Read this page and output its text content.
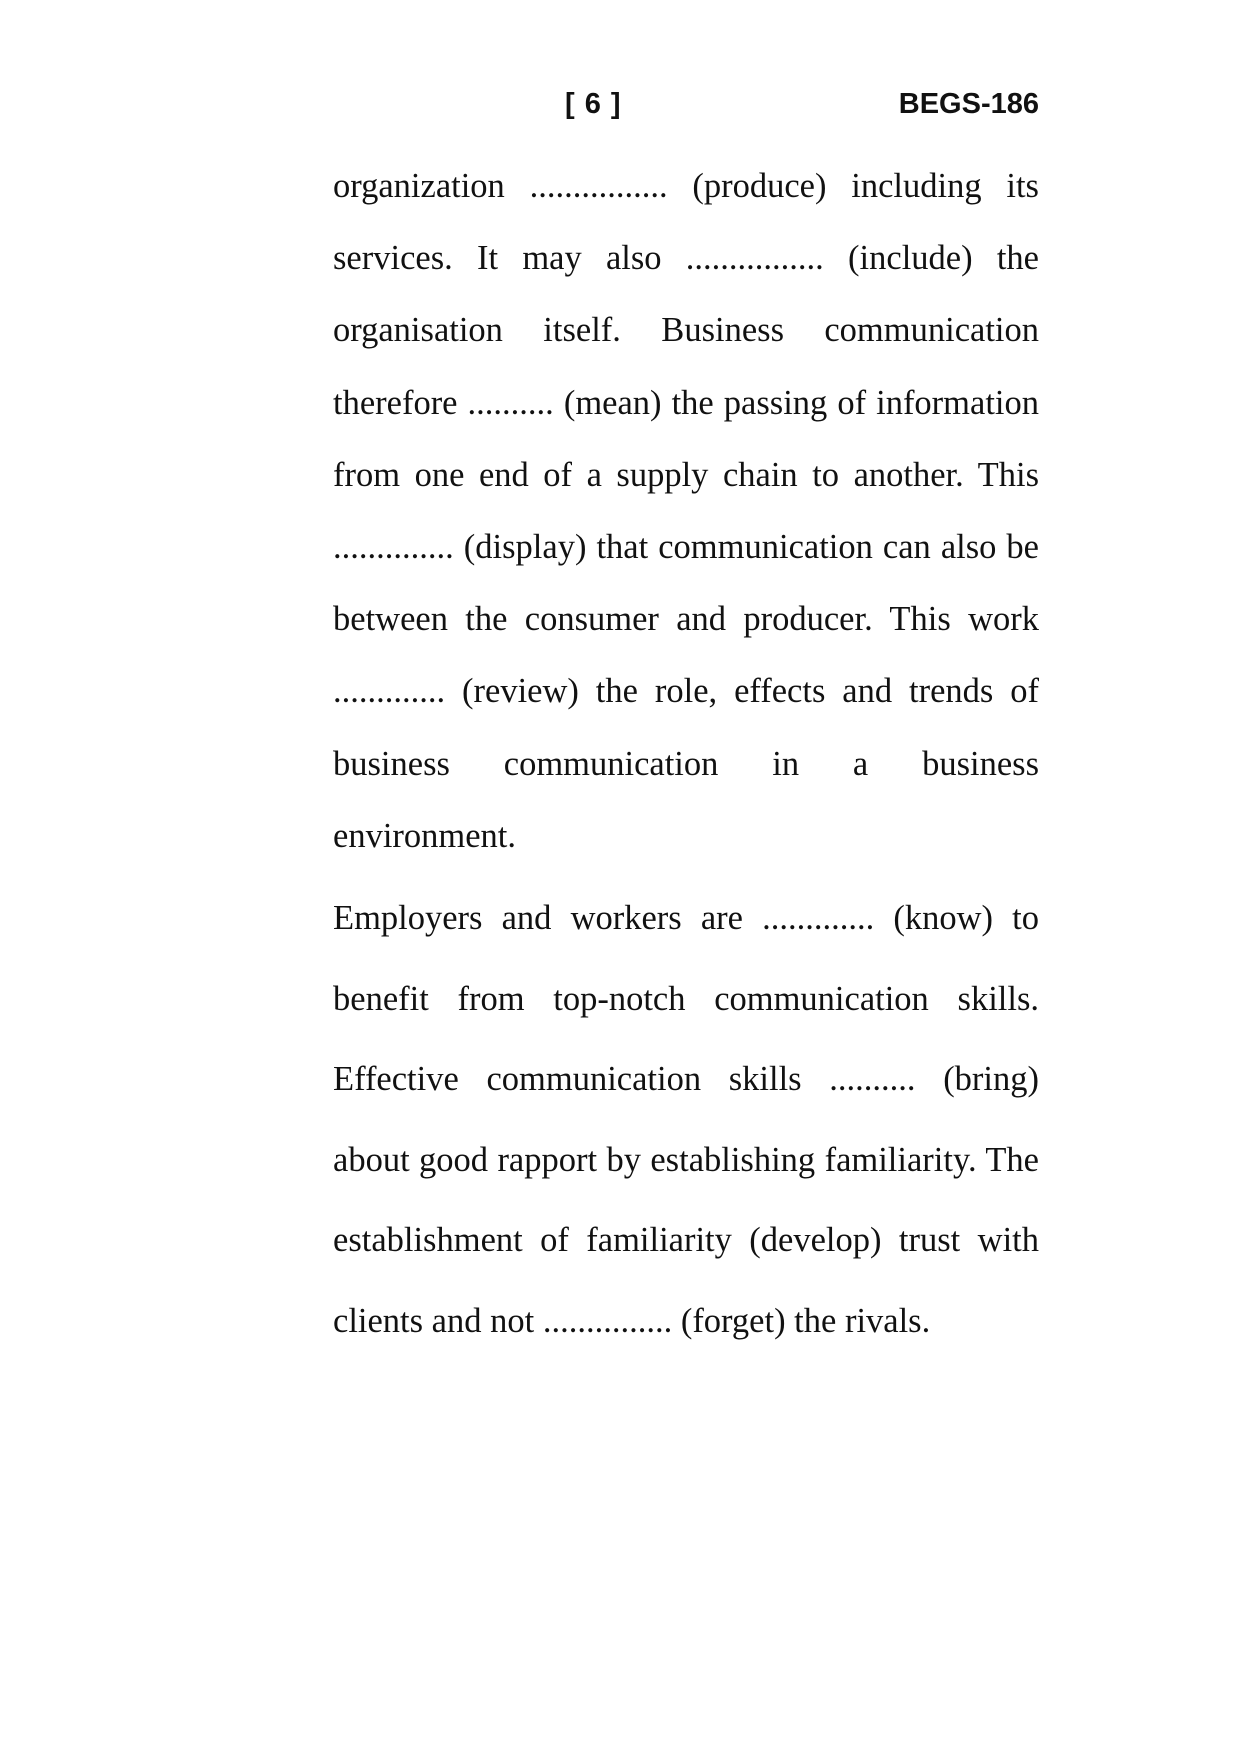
[ 6 ]	BEGS-186

organization ................ (produce) including its services. It may also ................ (include) the organisation itself. Business communication therefore .......... (mean) the passing of information from one end of a supply chain to another. This .............. (display) that communication can also be between the consumer and producer. This work ............. (review) the role, effects and trends of business communication in a business environment.

Employers and workers are ............. (know) to benefit from top-notch communication skills. Effective communication skills .......... (bring) about good rapport by establishing familiarity. The establishment of familiarity (develop) trust with clients and not ............... (forget) the rivals.
